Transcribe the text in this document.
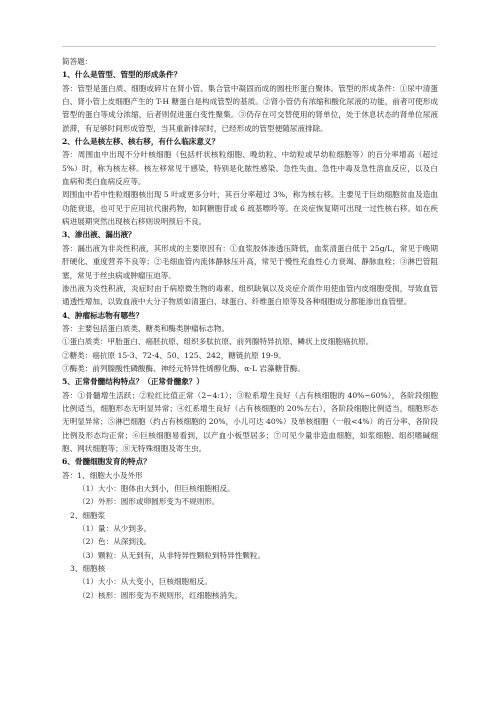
简答题：

1、什么是管型、管型的形成条件？

答：管型是蛋白质、细胞或碎片在肾小管、集合管中凝固而成的圆柱形蛋白聚体。管型的形成条件：①尿中清蛋白、肾小管上皮细胞产生的 T-H 糖蛋白是构成管型的基质。②肾小管仍有浓缩和酸化尿液的功能，前者可使形成管型的蛋白等成分浓缩，后者则促进蛋白变性聚集。③仍存在可交替使用的肾单位，处于休息状态的肾单位尿液淤滞，有足够时间形成管型，当其重新排尿时，已经形成的管型便随尿液排除。

2、什么是核左移、核右移，有什么临床意义？

答：周围血中出现不分叶核细胞（包括杆状核粒细胞、晚幼粒、中幼粒或早幼粒细胞等）的百分率增高（超过 5%）时，称为核左移。核左移常见于感染，特别是化脓性感染、急性失血、急性中毒及急性溶血反应，以及白血病和类白血病反应等。

周围血中若中性粒细胞核出现 5 叶或更多分叶，其百分率超过 3%，称为核右移。主要见于巨幼细胞贫血及造血功能衰退，也可见于应用抗代谢药物，如阿糖胞苷或 6 巯基嘌呤等。在炎症恢复期可出现一过性核右移。如在疾病进展期突然出现核右移则说明预后不良。

3、渗出液、漏出液？

答：漏出液为非炎性积液，其形成的主要原因有：①血浆胶体渗透压降低，血浆清蛋白低于 25g/L，常见于晚期肝硬化、重度营养不良等；②毛细血管内流体静脉压升高，常见于慢性充血性心力衰竭、静脉血栓；③淋巴管阻塞，常见于丝虫病或肿瘤压迫等。

渗出液为炎性积液，炎症时由于病原微生物的毒素、组织缺氧以及炎症介质作用使血管内皮细胞受损，导致血管通透性增加，以致血液中大分子物质如清蛋白、球蛋白、纤维蛋白原等及各种细胞成分都能渗出血管壁。

4、肿瘤标志物有哪些？

答：主要包括蛋白质类、糖类和酶类肿瘤标志物。

①蛋白质类：甲胎蛋白、癌胚抗原、组织多肽抗原、前列腺特异抗原、鳞状上皮细胞癌抗原。

②糖类：癌抗原 15-3、72-4、50、125、242，糖链抗原 19-9。

③酶类：前列腺酸性磷酸酶、神经元特异性烯醇化酶、α-L 岩藻糖苷酶。

5、正常骨髓结构特点？（正常骨髓象？）

答：①骨髓增生活跃；②粒红比值正常（2~4:1）；③粒系增生良好（占有核细胞的 40%~60%），各阶段细胞比例适当，细胞形态无明显异常；④红系增生良好（占有核细胞的 20%左右），各阶段细胞比例适当，细胞形态无明显异常；⑤淋巴细胞（约占有核细胞的 20%，小儿可达 40%）及单核细胞（一般<4%）的百分率、各阶段比例及形态均正常；⑥巨核细胞易看到，以产血小板型居多；⑦可见少量非造血细胞，如浆细胞、组织嗜碱细胞、网状细胞等；⑧无特殊细胞及寄生虫。

6、骨髓细胞发育的特点？

答：1、细胞大小及外形

（1）大小：胞体由大到小，但巨核细胞相反。

（2）外形：圆形或卵圆形变为不规则形。

2、细胞浆

（1）量：从少到多。

（2）色：从深到浅。

（3）颗粒：从无到有，从非特异性颗粒到特异性颗粒。

3、细胞核

（1）大小：从大变小，巨核细胞相反。

（2）核形：圆形变为不规则形，红细胞核消失。
